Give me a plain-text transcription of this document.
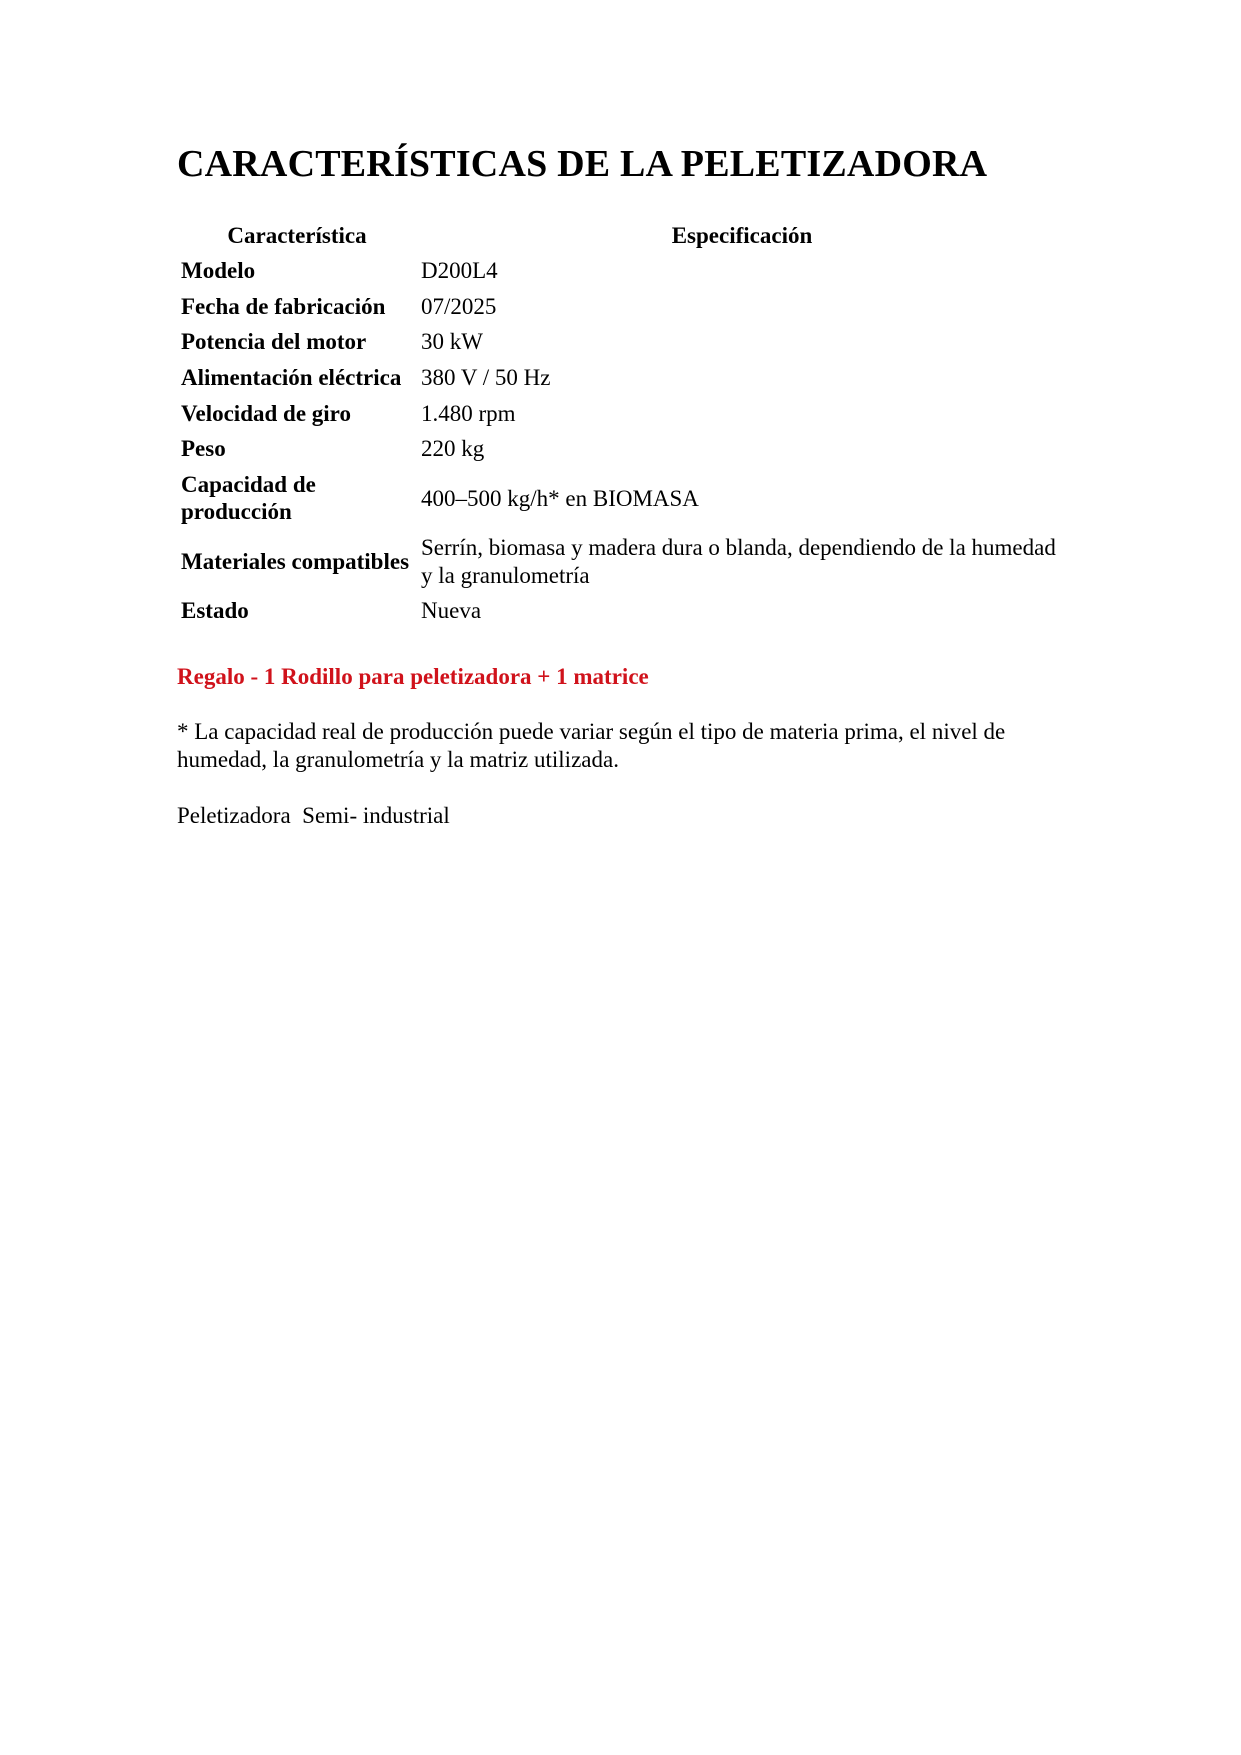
CARACTERÍSTICAS DE LA PELETIZADORA
Característica	Especificación
Modelo	D200L4
Fecha de fabricación	07/2025
Potencia del motor	30 kW
Alimentación eléctrica	380 V / 50 Hz
Velocidad de giro	1.480 rpm
Peso	220 kg
Capacidad de producción	400–500 kg/h* en BIOMASA
Materiales compatibles	Serrín, biomasa y madera dura o blanda, dependiendo de la humedad y la granulometría
Estado	Nueva

Regalo - 1 Rodillo para peletizadora + 1 matrice

* La capacidad real de producción puede variar según el tipo de materia prima, el nivel de humedad, la granulometría y la matriz utilizada.

Peletizadora  Semi- industrial
